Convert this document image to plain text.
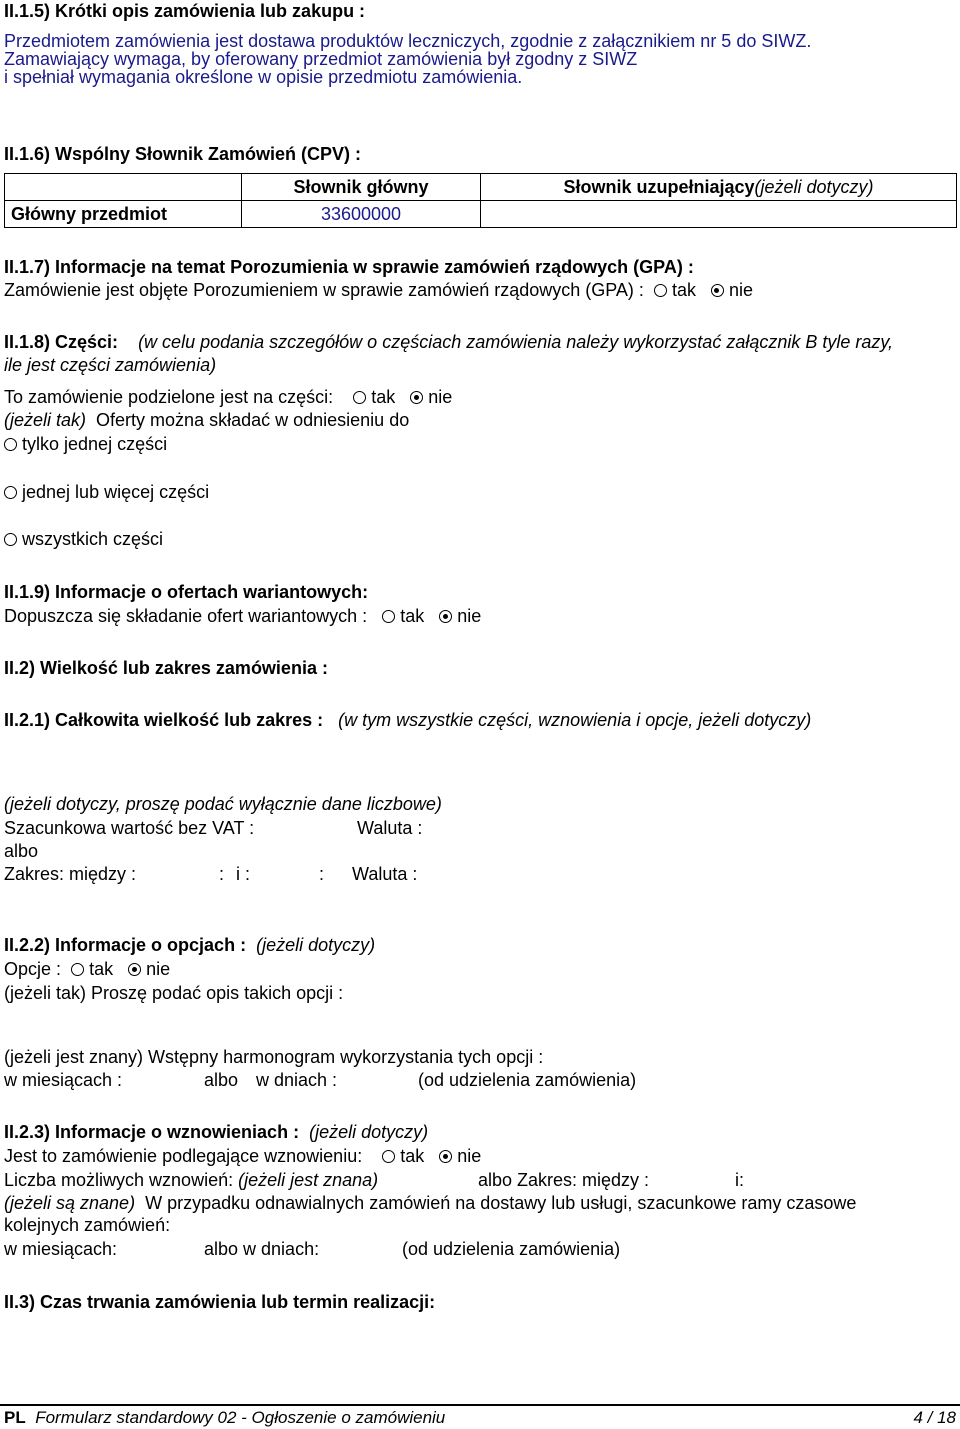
II.1.5) Krótki opis zamówienia lub zakupu :
Przedmiotem zamówienia jest dostawa produktów leczniczych, zgodnie z załącznikiem nr 5 do SIWZ.
Zamawiający wymaga, by oferowany przedmiot zamówienia był zgodny z SIWZ
i spełniał wymagania określone w opisie przedmiotu zamówienia.
II.1.6) Wspólny Słownik Zamówień (CPV) :
	Słownik główny	Słownik uzupełniający(jeżeli dotyczy)
Główny przedmiot	33600000	
II.1.7) Informacje na temat Porozumienia w sprawie zamówień rządowych (GPA) :
Zamówienie jest objęte Porozumieniem w sprawie zamówień rządowych (GPA) : tak nie
II.1.8) Części: (w celu podania szczegółów o częściach zamówienia należy wykorzystać załącznik B tyle razy,
ile jest części zamówienia)
To zamówienie podzielone jest na części: tak nie
(jeżeli tak) Oferty można składać w odniesieniu do
tylko jednej części
jednej lub więcej części
wszystkich części
II.1.9) Informacje o ofertach wariantowych:
Dopuszcza się składanie ofert wariantowych : tak nie
II.2) Wielkość lub zakres zamówienia :
II.2.1) Całkowita wielkość lub zakres : (w tym wszystkie części, wznowienia i opcje, jeżeli dotyczy)
(jeżeli dotyczy, proszę podać wyłącznie dane liczbowe)
Szacunkowa wartość bez VAT :	Waluta :
albo
Zakres: między :	: i :	: Waluta :
II.2.2) Informacje o opcjach : (jeżeli dotyczy)
Opcje : tak nie
(jeżeli tak) Proszę podać opis takich opcji :
(jeżeli jest znany) Wstępny harmonogram wykorzystania tych opcji :
w miesiącach :	albo w dniach :	(od udzielenia zamówienia)
II.2.3) Informacje o wznowieniach : (jeżeli dotyczy)
Jest to zamówienie podlegające wznowieniu: tak nie
Liczba możliwych wznowień: (jeżeli jest znana)	albo Zakres: między :	i:
(jeżeli są znane) W przypadku odnawialnych zamówień na dostawy lub usługi, szacunkowe ramy czasowe
kolejnych zamówień:
w miesiącach:	albo w dniach:	(od udzielenia zamówienia)
II.3) Czas trwania zamówienia lub termin realizacji:
PL Formularz standardowy 02 - Ogłoszenie o zamówieniu	4 / 18
